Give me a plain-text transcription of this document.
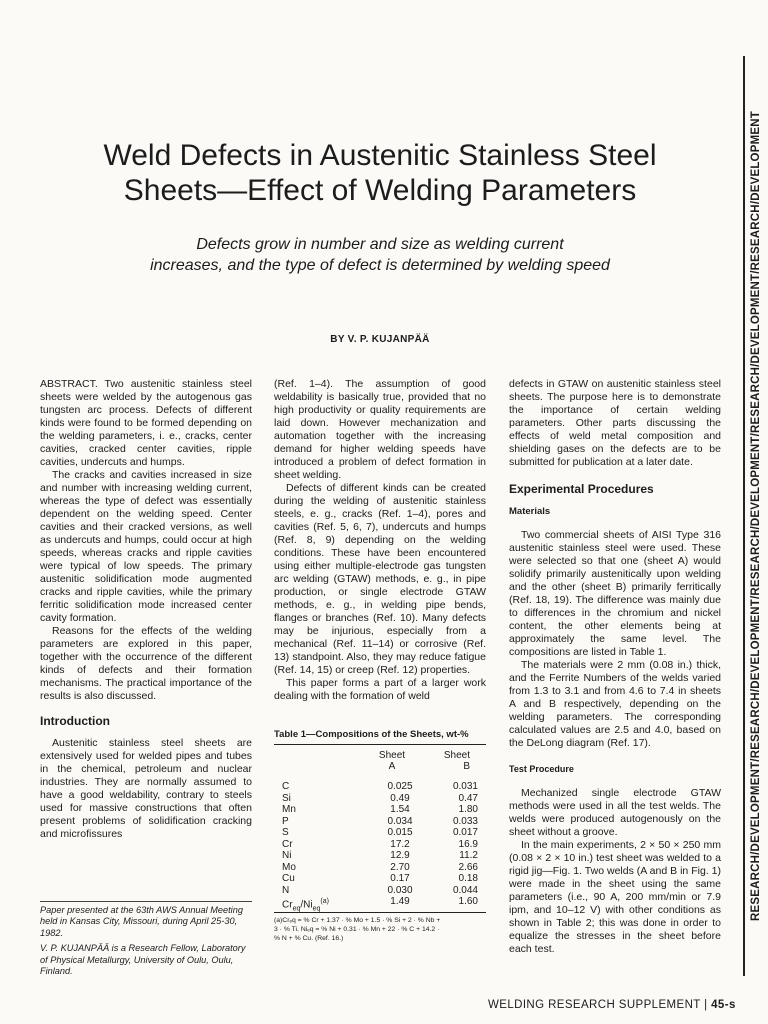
RESEARCH/DEVELOPMENT/RESEARCH/DEVELOPMENT/RESEARCH/DEVELOPMENT/RESEARCH/DEVELOPMENT/RESEARCH/DEVELOPMENT
Weld Defects in Austenitic Stainless Steel
Sheets—Effect of Welding Parameters
Defects grow in number and size as welding current
increases, and the type of defect is determined by welding speed
BY V. P. KUJANPÄÄ

ABSTRACT. Two austenitic stainless steel sheets were welded by the autogenous gas tungsten arc process. Defects of different kinds were found to be formed depending on the welding parameters, i. e., cracks, center cavities, cracked center cavities, ripple cavities, undercuts and humps.

The cracks and cavities increased in size and number with increasing welding current, whereas the type of defect was essentially dependent on the welding speed. Center cavities and their cracked versions, as well as undercuts and humps, could occur at high speeds, whereas cracks and ripple cavities were typical of low speeds. The primary austenitic solidification mode augmented cracks and ripple cavities, while the primary ferritic solidification mode increased center cavity formation.

Reasons for the effects of the welding parameters are explored in this paper, together with the occurrence of the different kinds of defects and their formation mechanisms. The practical importance of the results is also discussed.

Introduction

Austenitic stainless steel sheets are extensively used for welded pipes and tubes in the chemical, petroleum and nuclear industries. They are normally assumed to have a good weldability, contrary to steels used for massive constructions that often present problems of solidification cracking and microfissures

Paper presented at the 63th AWS Annual Meeting held in Kansas City, Missouri, during April 25-30, 1982.

V. P. KUJANPÄÄ is a Research Fellow, Laboratory of Physical Metallurgy, University of Oulu, Oulu, Finland.

(Ref. 1–4). The assumption of good weldability is basically true, provided that no high productivity or quality requirements are laid down. However mechanization and automation together with the increasing demand for higher welding speeds have introduced a problem of defect formation in sheet welding.

Defects of different kinds can be created during the welding of austenitic stainless steels, e. g., cracks (Ref. 1–4), pores and cavities (Ref. 5, 6, 7), undercuts and humps (Ref. 8, 9) depending on the welding conditions. These have been encountered using either multiple-electrode gas tungsten arc welding (GTAW) methods, e. g., in pipe production, or single electrode GTAW methods, e. g., in welding pipe bends, flanges or branches (Ref. 10). Many defects may be injurious, especially from a mechanical (Ref. 11–14) or corrosive (Ref. 13) standpoint. Also, they may reduce fatigue (Ref. 14, 15) or creep (Ref. 12) properties.

This paper forms a part of a larger work dealing with the formation of weld

Table 1—Compositions of the Sheets, wt-%
Sheet
A
Sheet
B
C	0.025	0.031
Si	0.49	0.47
Mn	1.54	1.80
P	0.034	0.033
S	0.015	0.017
Cr	17.2	16.9
Ni	12.9	11.2
Mo	2.70	2.66
Cu	0.17	0.18
N	0.030	0.044
$Cr_{eq}/Ni_{eq}^{(a)}$	1.49	1.60
(a)Crₑq = % Cr + 1.37 · % Mo + 1.5 · % Si + 2 · % Nb +
3 · % Ti. Niₑq = % Ni + 0.31 · % Mn + 22 · % C + 14.2 ·
% N + % Cu. (Ref. 16.)

defects in GTAW on austenitic stainless steel sheets. The purpose here is to demonstrate the importance of certain welding parameters. Other parts discussing the effects of weld metal composition and shielding gases on the defects are to be submitted for publication at a later date.

Experimental Procedures
Materials

Two commercial sheets of AISI Type 316 austenitic stainless steel were used. These were selected so that one (sheet A) would solidify primarily austenitically upon welding and the other (sheet B) primarily ferritically (Ref. 18, 19). The difference was mainly due to differences in the chromium and nickel content, the other elements being at approximately the same level. The compositions are listed in Table 1.

The materials were 2 mm (0.08 in.) thick, and the Ferrite Numbers of the welds varied from 1.3 to 3.1 and from 4.6 to 7.4 in sheets A and B respectively, depending on the welding parameters. The corresponding calculated values are 2.5 and 4.0, based on the DeLong diagram (Ref. 17).

Test Procedure

Mechanized single electrode GTAW methods were used in all the test welds. The welds were produced autogenously on the sheet without a groove.

In the main experiments, 2 × 50 × 250 mm (0.08 × 2 × 10 in.) test sheet was welded to a rigid jig—Fig. 1. Two welds (A and B in Fig. 1) were made in the sheet using the same parameters (i.e., 90 A, 200 mm/min or 7.9 ipm, and 10–12 V) with other conditions as shown in Table 2; this was done in order to equalize the stresses in the sheet before each test.

WELDING RESEARCH SUPPLEMENT | 45-s
